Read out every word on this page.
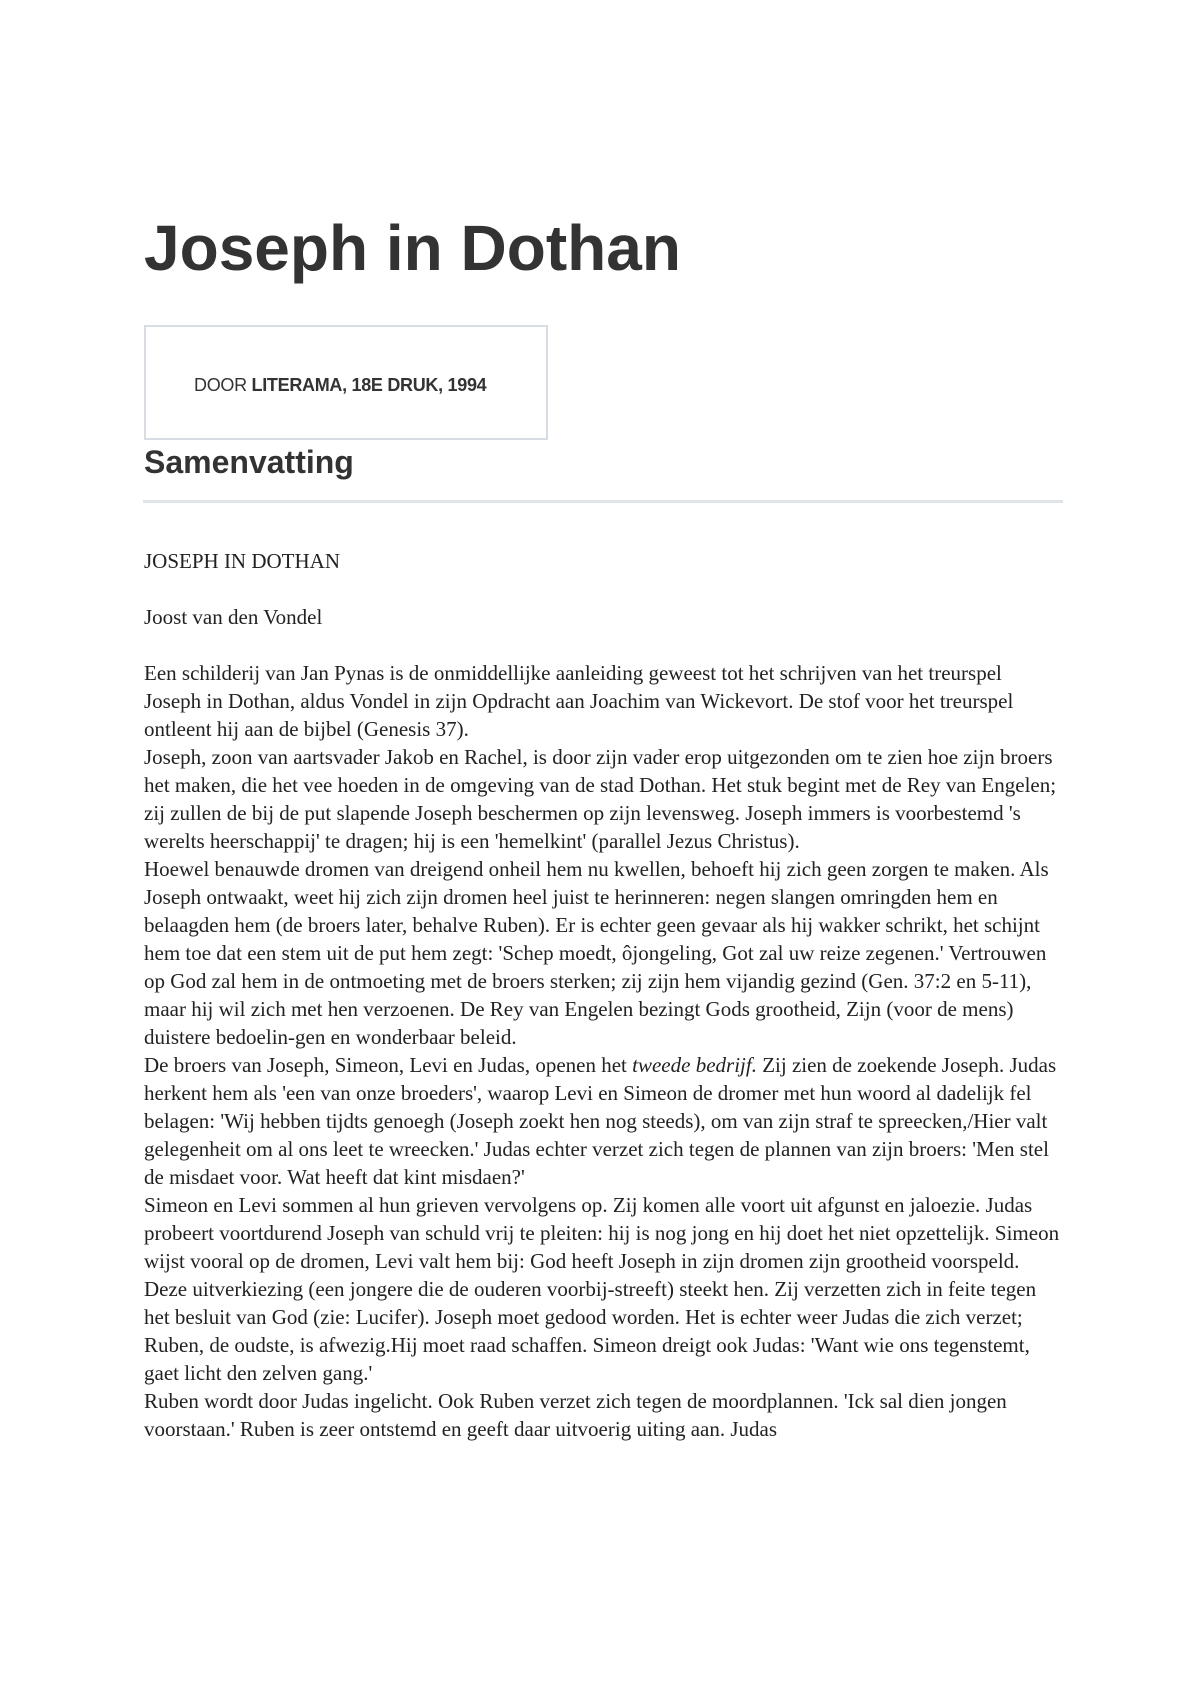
Joseph in Dothan
DOOR LITERAMA, 18E DRUK, 1994
Samenvatting

JOSEPH IN DOTHAN

Joost van den Vondel

Een schilderij van Jan Pynas is de onmiddellijke aanleiding geweest tot het schrijven van het treurspel Joseph in Dothan, aldus Vondel in zijn Opdracht aan Joachim van Wickevort. De stof voor het treurspel ontleent hij aan de bijbel (Genesis 37).

Joseph, zoon van aartsvader Jakob en Rachel, is door zijn vader erop uitgezonden om te zien hoe zijn broers het maken, die het vee hoeden in de omgeving van de stad Dothan. Het stuk begint met de Rey van Engelen; zij zullen de bij de put slapende Joseph beschermen op zijn levensweg. Joseph immers is voorbestemd 's werelts heerschappij' te dragen; hij is een 'hemelkint' (parallel Jezus Christus).

Hoewel benauwde dromen van dreigend onheil hem nu kwellen, behoeft hij zich geen zorgen te maken. Als Joseph ontwaakt, weet hij zich zijn dromen heel juist te herinneren: negen slangen omringden hem en belaagden hem (de broers later, behalve Ruben). Er is echter geen gevaar als hij wakker schrikt, het schijnt hem toe dat een stem uit de put hem zegt: 'Schep moedt, ôjongeling, Got zal uw reize zegenen.' Vertrouwen op God zal hem in de ontmoeting met de broers sterken; zij zijn hem vijandig gezind (Gen. 37:2 en 5-11), maar hij wil zich met hen verzoenen. De Rey van Engelen bezingt Gods grootheid, Zijn (voor de mens) duistere bedoelin-gen en wonderbaar beleid.

De broers van Joseph, Simeon, Levi en Judas, openen het tweede bedrijf. Zij zien de zoekende Joseph. Judas herkent hem als 'een van onze broeders', waarop Levi en Simeon de dromer met hun woord al dadelijk fel belagen: 'Wij hebben tijdts genoegh (Joseph zoekt hen nog steeds), om van zijn straf te spreecken,/Hier valt gelegenheit om al ons leet te wreecken.' Judas echter verzet zich tegen de plannen van zijn broers: 'Men stel de misdaet voor. Wat heeft dat kint misdaen?'

Simeon en Levi sommen al hun grieven vervolgens op. Zij komen alle voort uit afgunst en jaloezie. Judas probeert voortdurend Joseph van schuld vrij te pleiten: hij is nog jong en hij doet het niet opzettelijk. Simeon wijst vooral op de dromen, Levi valt hem bij: God heeft Joseph in zijn dromen zijn grootheid voorspeld. Deze uitverkiezing (een jongere die de ouderen voorbij-streeft) steekt hen. Zij verzetten zich in feite tegen het besluit van God (zie: Lucifer). Joseph moet gedood worden. Het is echter weer Judas die zich verzet; Ruben, de oudste, is afwezig.Hij moet raad schaffen. Simeon dreigt ook Judas: 'Want wie ons tegenstemt, gaet licht den zelven gang.'

Ruben wordt door Judas ingelicht. Ook Ruben verzet zich tegen de moordplannen. 'Ick sal dien jongen voorstaan.' Ruben is zeer ontstemd en geeft daar uitvoerig uiting aan. Judas
